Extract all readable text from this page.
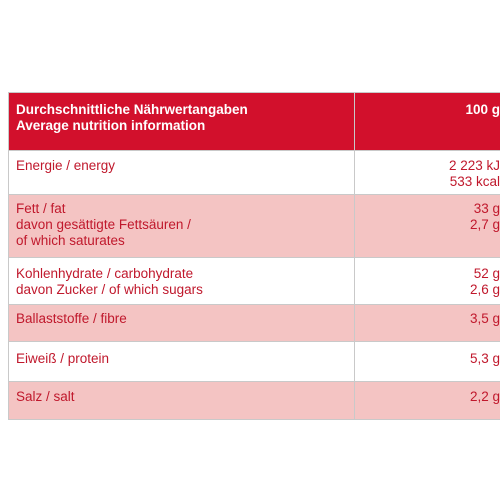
Durchschnittliche Nährwertangaben
Average nutrition information	100 g

Energie / energy	2 223 kJ
533 kcal

Fett / fat
davon gesättigte Fettsäuren /
of which saturates	33 g
2,7 g

Kohlenhydrate / carbohydrate
davon Zucker / of which sugars	52 g
2,6 g

Ballaststoffe / fibre	3,5 g

Eiweiß / protein	5,3 g

Salz / salt	2,2 g
